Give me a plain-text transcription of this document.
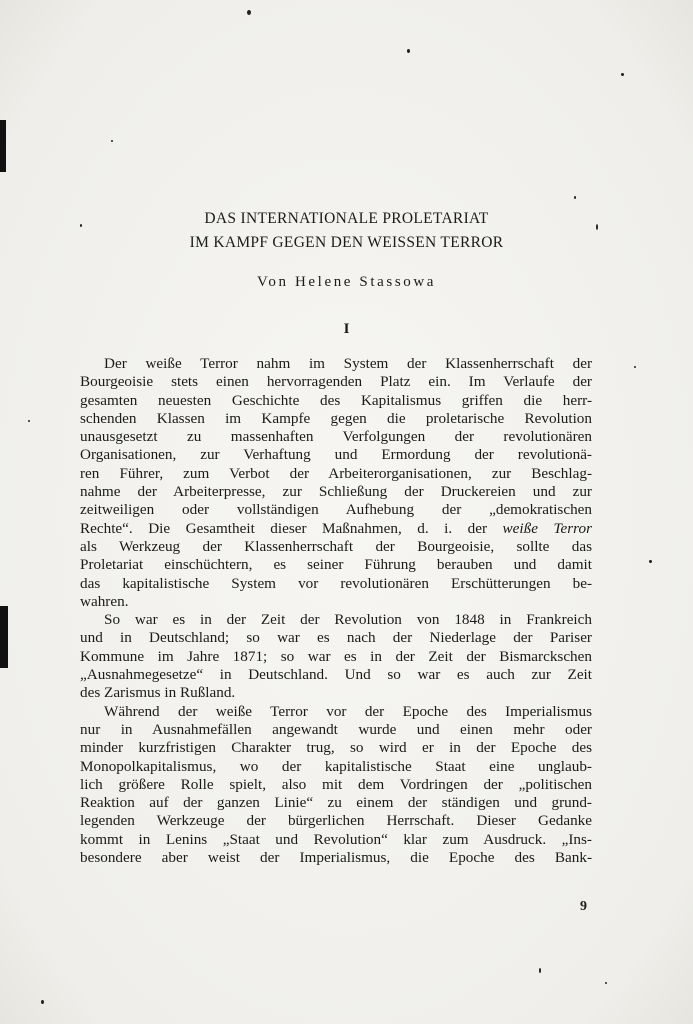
DAS INTERNATIONALE PROLETARIAT
IM KAMPF GEGEN DEN WEISSEN TERROR
Von Helene Stassowa
I
Der weiße Terror nahm im System der Klassenherrschaft der
Bourgeoisie stets einen hervorragenden Platz ein. Im Verlaufe der
gesamten neuesten Geschichte des Kapitalismus griffen die herr-
schenden Klassen im Kampfe gegen die proletarische Revolution
unausgesetzt zu massenhaften Verfolgungen der revolutionären
Organisationen, zur Verhaftung und Ermordung der revolutionä-
ren Führer, zum Verbot der Arbeiterorganisationen, zur Beschlag-
nahme der Arbeiterpresse, zur Schließung der Druckereien und zur
zeitweiligen oder vollständigen Aufhebung der „demokratischen
Rechte“. Die Gesamtheit dieser Maßnahmen, d. i. der weiße Terror
als Werkzeug der Klassenherrschaft der Bourgeoisie, sollte das
Proletariat einschüchtern, es seiner Führung berauben und damit
das kapitalistische System vor revolutionären Erschütterungen be-
wahren.
So war es in der Zeit der Revolution von 1848 in Frankreich
und in Deutschland; so war es nach der Niederlage der Pariser
Kommune im Jahre 1871; so war es in der Zeit der Bismarckschen
„Ausnahmegesetze“ in Deutschland. Und so war es auch zur Zeit
des Zarismus in Rußland.
Während der weiße Terror vor der Epoche des Imperialismus
nur in Ausnahmefällen angewandt wurde und einen mehr oder
minder kurzfristigen Charakter trug, so wird er in der Epoche des
Monopolkapitalismus, wo der kapitalistische Staat eine unglaub-
lich größere Rolle spielt, also mit dem Vordringen der „politischen
Reaktion auf der ganzen Linie“ zu einem der ständigen und grund-
legenden Werkzeuge der bürgerlichen Herrschaft. Dieser Gedanke
kommt in Lenins „Staat und Revolution“ klar zum Ausdruck. „Ins-
besondere aber weist der Imperialismus, die Epoche des Bank-
9
